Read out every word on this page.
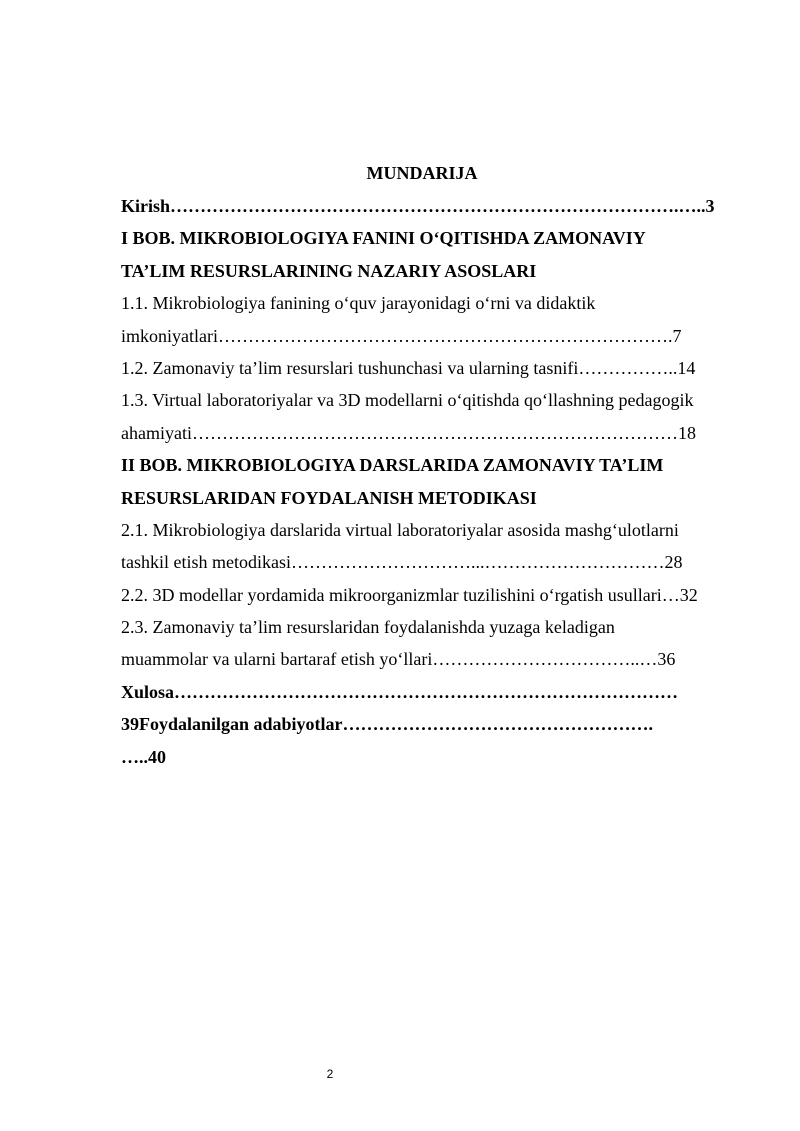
MUNDARIJA
Kirish………………………………………………………………………….…..3
I BOB. MIKROBIOLOGIYA FANINI O‘QITISHDA ZAMONAVIY
TA’LIM RESURSLARINING NAZARIY ASOSLARI
1.1. Mikrobiologiya fanining o‘quv jarayonidagi o‘rni va didaktik
imkoniyatlari………………………………………………………………….7
1.2. Zamonaviy ta’lim resurslari tushunchasi va ularning tasnifi……………..14
1.3. Virtual laboratoriyalar va 3D modellarni o‘qitishda qo‘llashning pedagogik
ahamiyati………………………………………………………………………18
II BOB. MIKROBIOLOGIYA DARSLARIDA ZAMONAVIY TA’LIM
RESURSLARIDAN FOYDALANISH METODIKASI
2.1. Mikrobiologiya darslarida virtual laboratoriyalar asosida mashg‘ulotlarni
tashkil etish metodikasi…………………………...…………………………28
2.2. 3D modellar yordamida mikroorganizmlar tuzilishini o‘rgatish usullari…32
2.3. Zamonaviy ta’lim resurslaridan foydalanishda yuzaga keladigan
muammolar va ularni bartaraf etish yo‘llari……………………………..…36
Xulosa…………………………………………………………………………
39Foydalanilgan adabiyotlar…………………………………………….
…..40
2
